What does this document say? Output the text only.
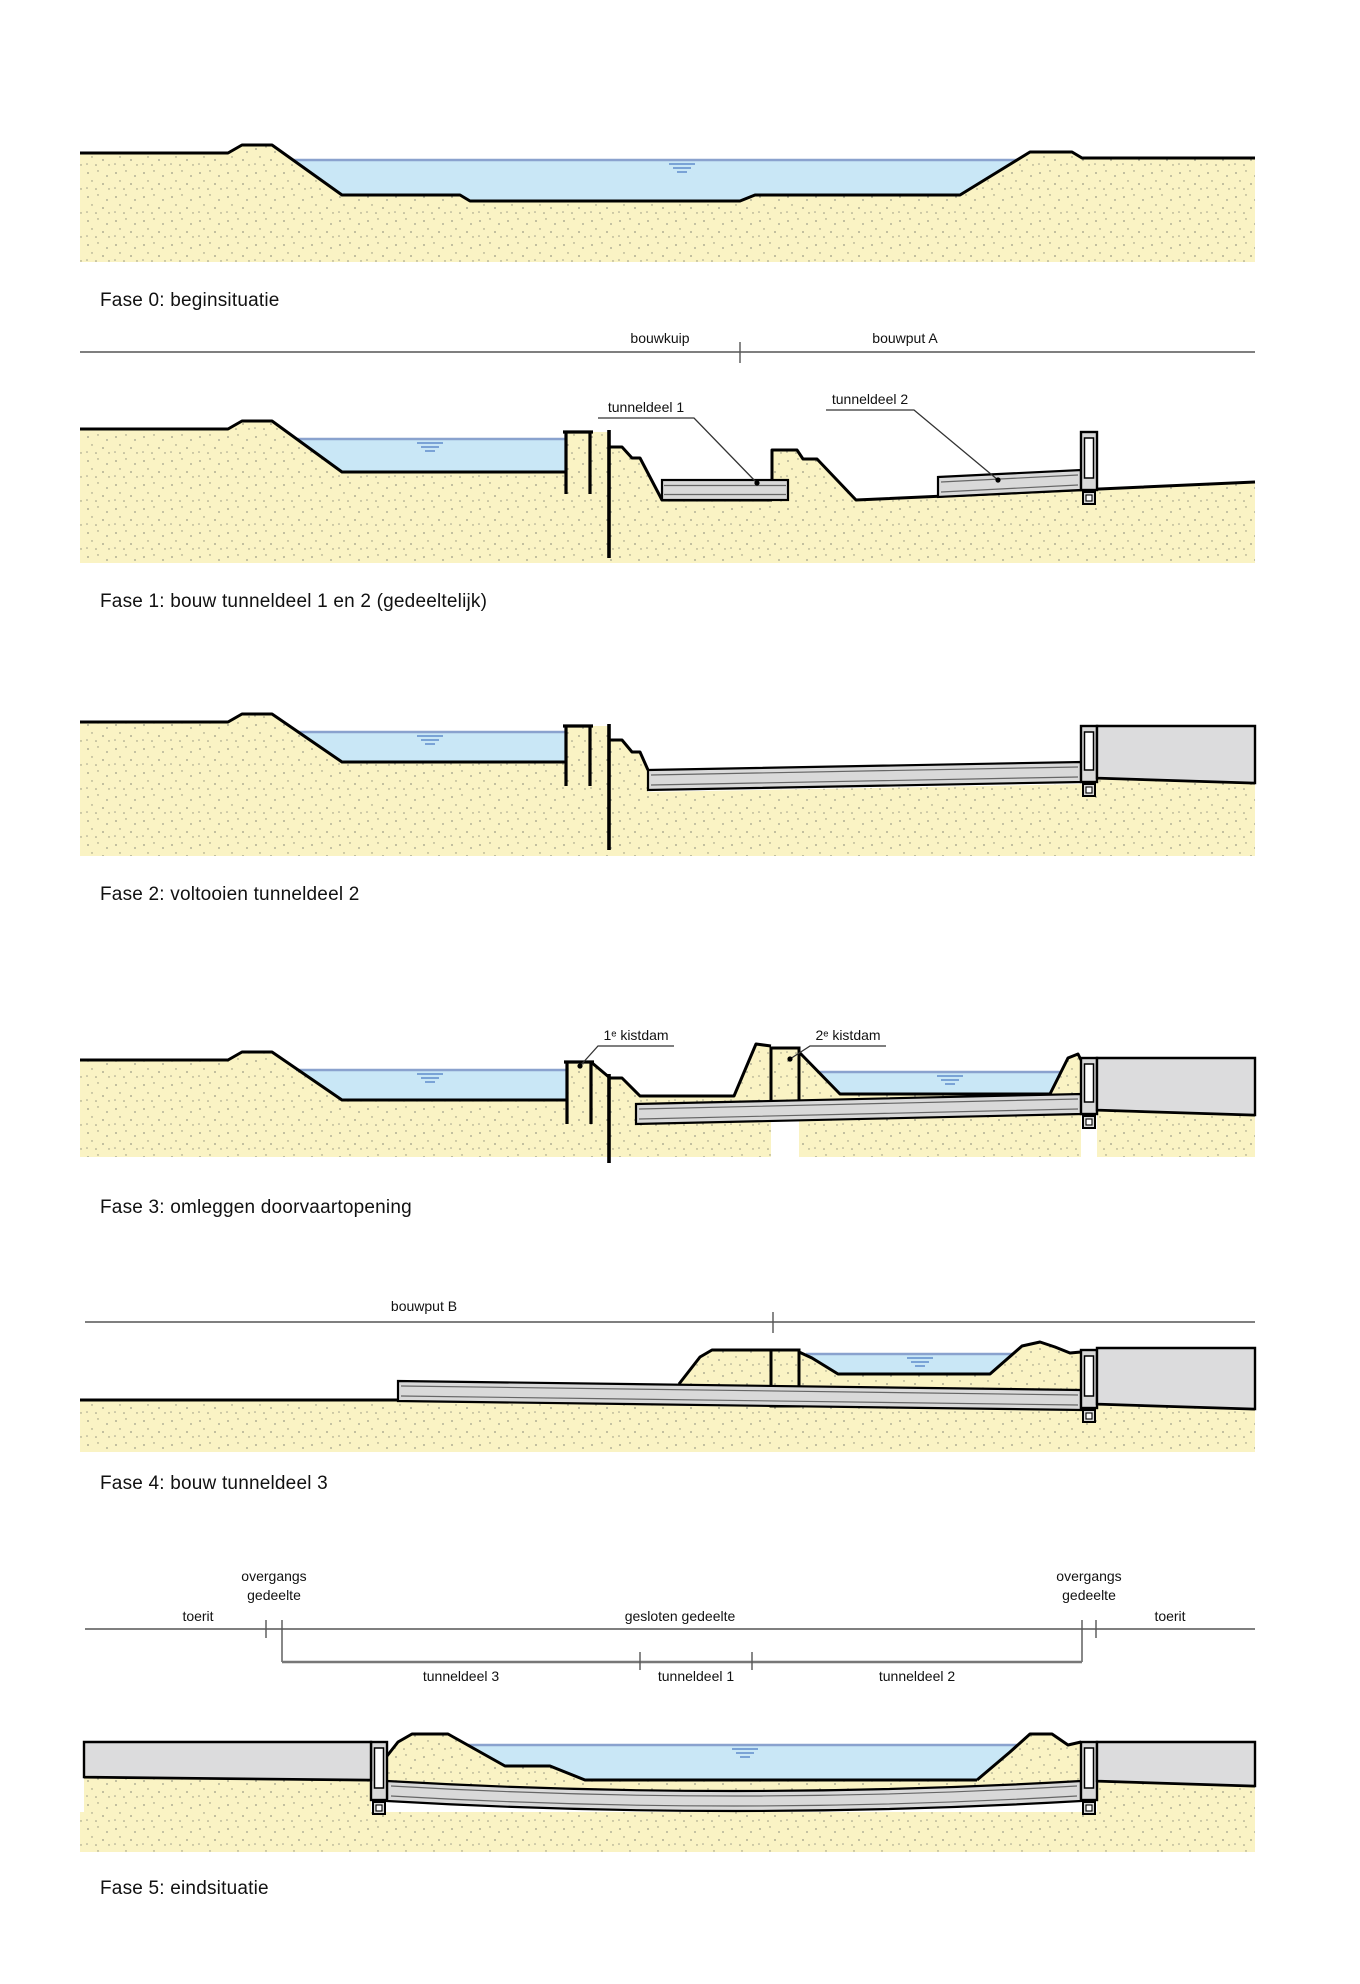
Fase 0: beginsituatie
bouwkuip	bouwput A
tunneldeel 1	tunneldeel 2
Fase 1: bouw tunneldeel 1 en 2 (gedeeltelijk)
Fase 2: voltooien tunneldeel 2
1ᵉ kistdam	2ᵉ kistdam
Fase 3: omleggen doorvaartopening
bouwput B
Fase 4: bouw tunneldeel 3
toerit
overgangs
gedeelte
gesloten gedeelte
overgangs
gedeelte
toerit
tunneldeel 3	tunneldeel 1	tunneldeel 2
Fase 5: eindsituatie
